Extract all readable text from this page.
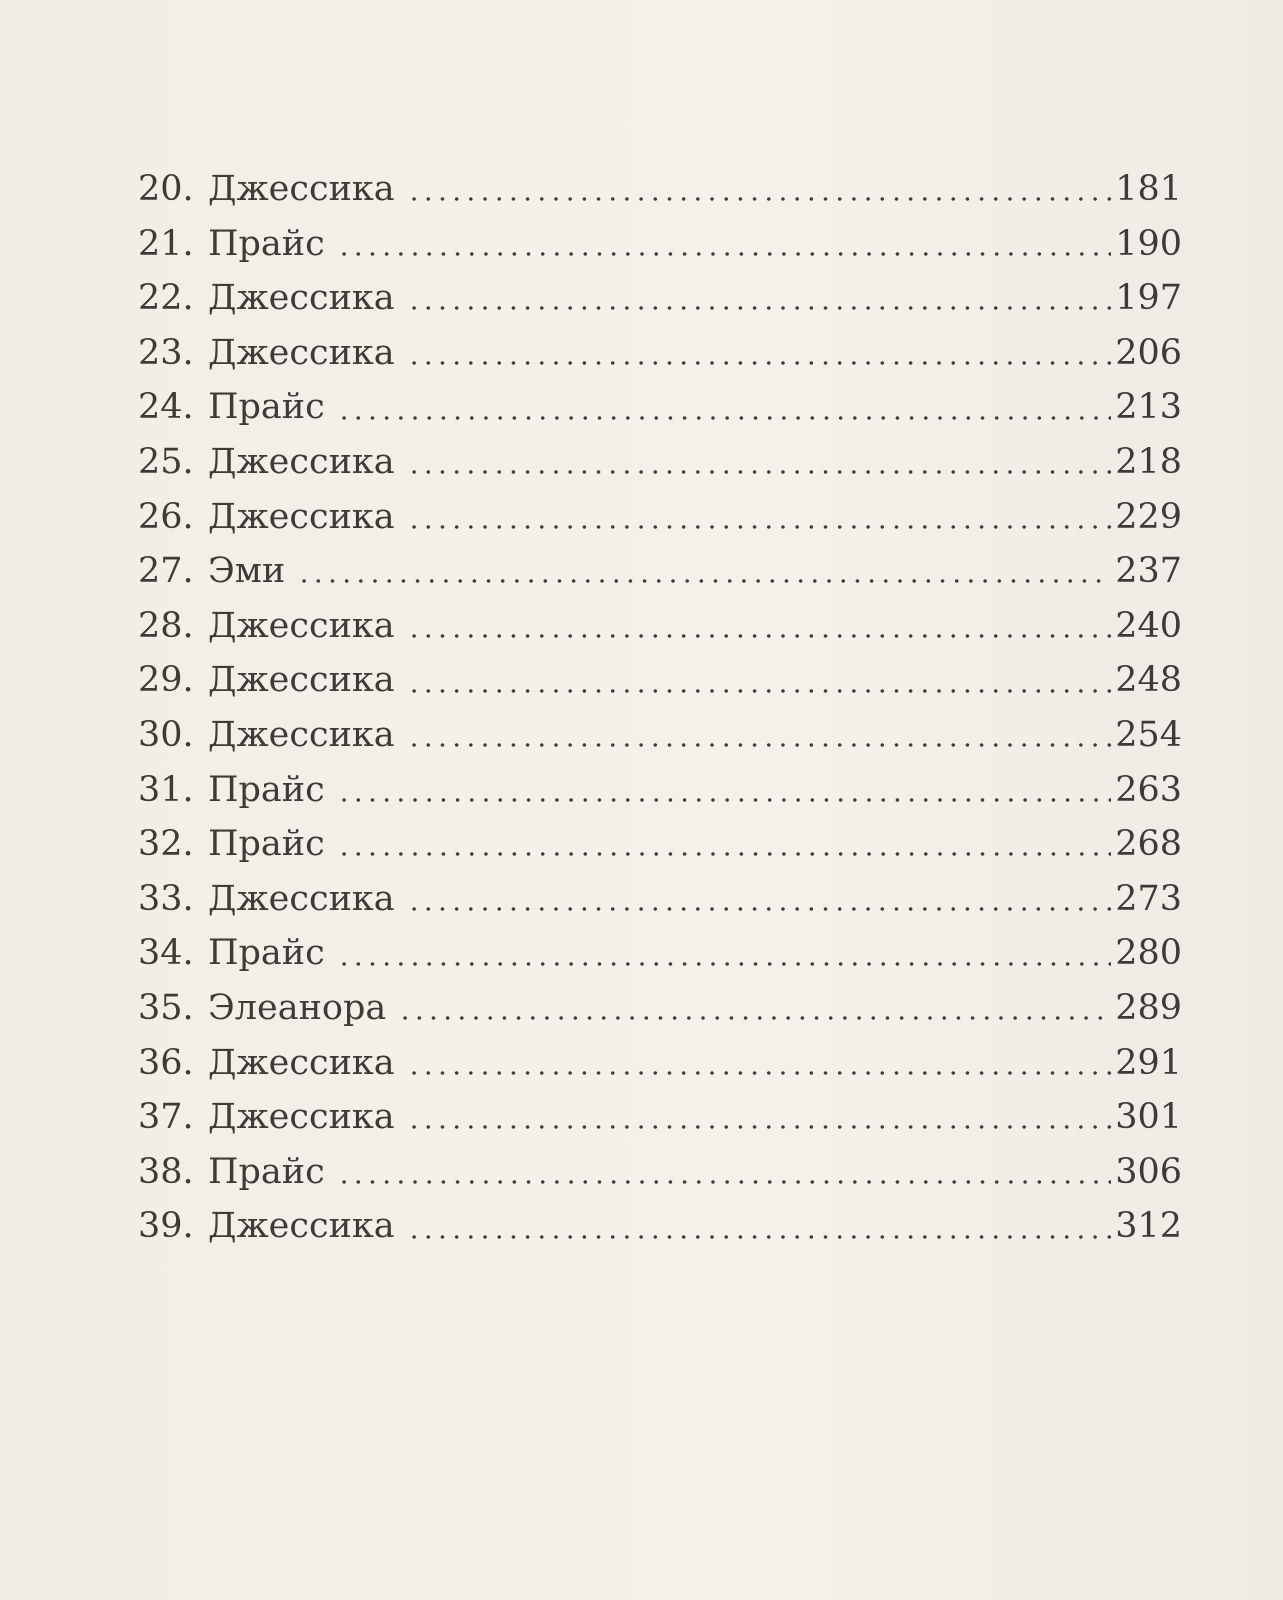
20. Джессика	181
21. Прайс	190
22. Джессика	197
23. Джессика	206
24. Прайс	213
25. Джессика	218
26. Джессика	229
27. Эми	237
28. Джессика	240
29. Джессика	248
30. Джессика	254
31. Прайс	263
32. Прайс	268
33. Джессика	273
34. Прайс	280
35. Элеанора	289
36. Джессика	291
37. Джессика	301
38. Прайс	306
39. Джессика	312
